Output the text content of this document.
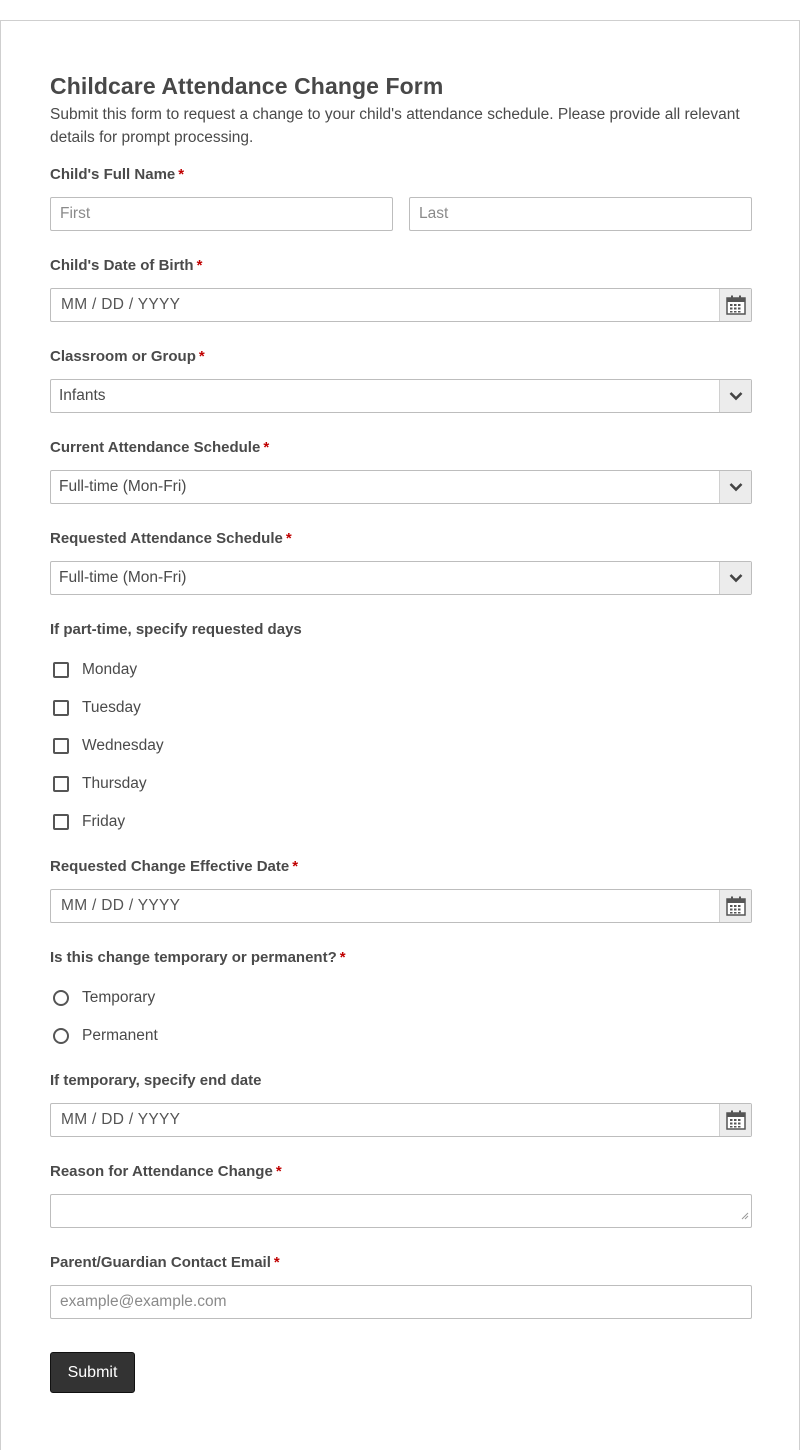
Childcare Attendance Change Form

Submit this form to request a change to your child's attendance schedule. Please provide all relevant details for prompt processing.

Child's Full Name *
First	Last
Child's Date of Birth *
MM / DD / YYYY
Classroom or Group *
Infants
Current Attendance Schedule *
Full-time (Mon-Fri)
Requested Attendance Schedule *
Full-time (Mon-Fri)
If part-time, specify requested days
Monday
Tuesday
Wednesday
Thursday
Friday
Requested Change Effective Date *
MM / DD / YYYY
Is this change temporary or permanent? *
Temporary
Permanent
If temporary, specify end date
MM / DD / YYYY
Reason for Attendance Change *
Parent/Guardian Contact Email *
example@example.com
Submit
